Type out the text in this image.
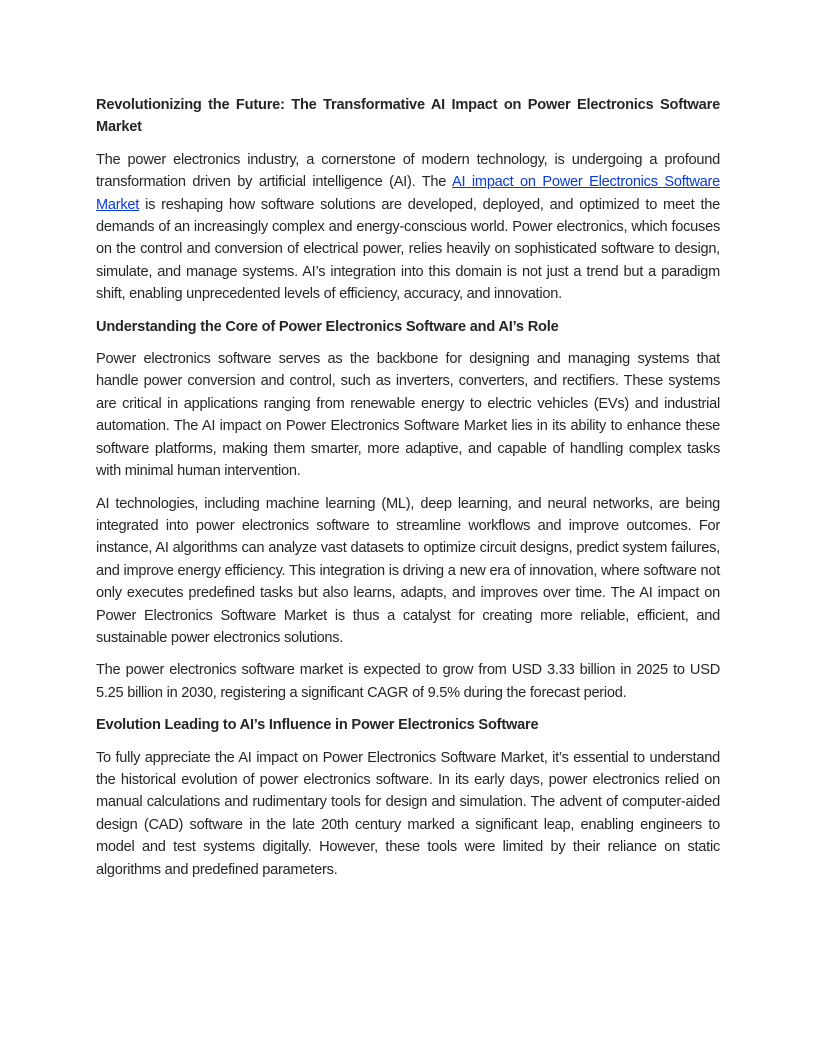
Revolutionizing the Future: The Transformative AI Impact on Power Electronics Software Market

The power electronics industry, a cornerstone of modern technology, is undergoing a profound transformation driven by artificial intelligence (AI). The AI impact on Power Electronics Software Market is reshaping how software solutions are developed, deployed, and optimized to meet the demands of an increasingly complex and energy-conscious world. Power electronics, which focuses on the control and conversion of electrical power, relies heavily on sophisticated software to design, simulate, and manage systems. AI’s integration into this domain is not just a trend but a paradigm shift, enabling unprecedented levels of efficiency, accuracy, and innovation.

Understanding the Core of Power Electronics Software and AI’s Role

Power electronics software serves as the backbone for designing and managing systems that handle power conversion and control, such as inverters, converters, and rectifiers. These systems are critical in applications ranging from renewable energy to electric vehicles (EVs) and industrial automation. The AI impact on Power Electronics Software Market lies in its ability to enhance these software platforms, making them smarter, more adaptive, and capable of handling complex tasks with minimal human intervention.

AI technologies, including machine learning (ML), deep learning, and neural networks, are being integrated into power electronics software to streamline workflows and improve outcomes. For instance, AI algorithms can analyze vast datasets to optimize circuit designs, predict system failures, and improve energy efficiency. This integration is driving a new era of innovation, where software not only executes predefined tasks but also learns, adapts, and improves over time. The AI impact on Power Electronics Software Market is thus a catalyst for creating more reliable, efficient, and sustainable power electronics solutions.

The power electronics software market is expected to grow from USD 3.33 billion in 2025 to USD 5.25 billion in 2030, registering a significant CAGR of 9.5% during the forecast period.

Evolution Leading to AI’s Influence in Power Electronics Software

To fully appreciate the AI impact on Power Electronics Software Market, it’s essential to understand the historical evolution of power electronics software. In its early days, power electronics relied on manual calculations and rudimentary tools for design and simulation. The advent of computer-aided design (CAD) software in the late 20th century marked a significant leap, enabling engineers to model and test systems digitally. However, these tools were limited by their reliance on static algorithms and predefined parameters.
